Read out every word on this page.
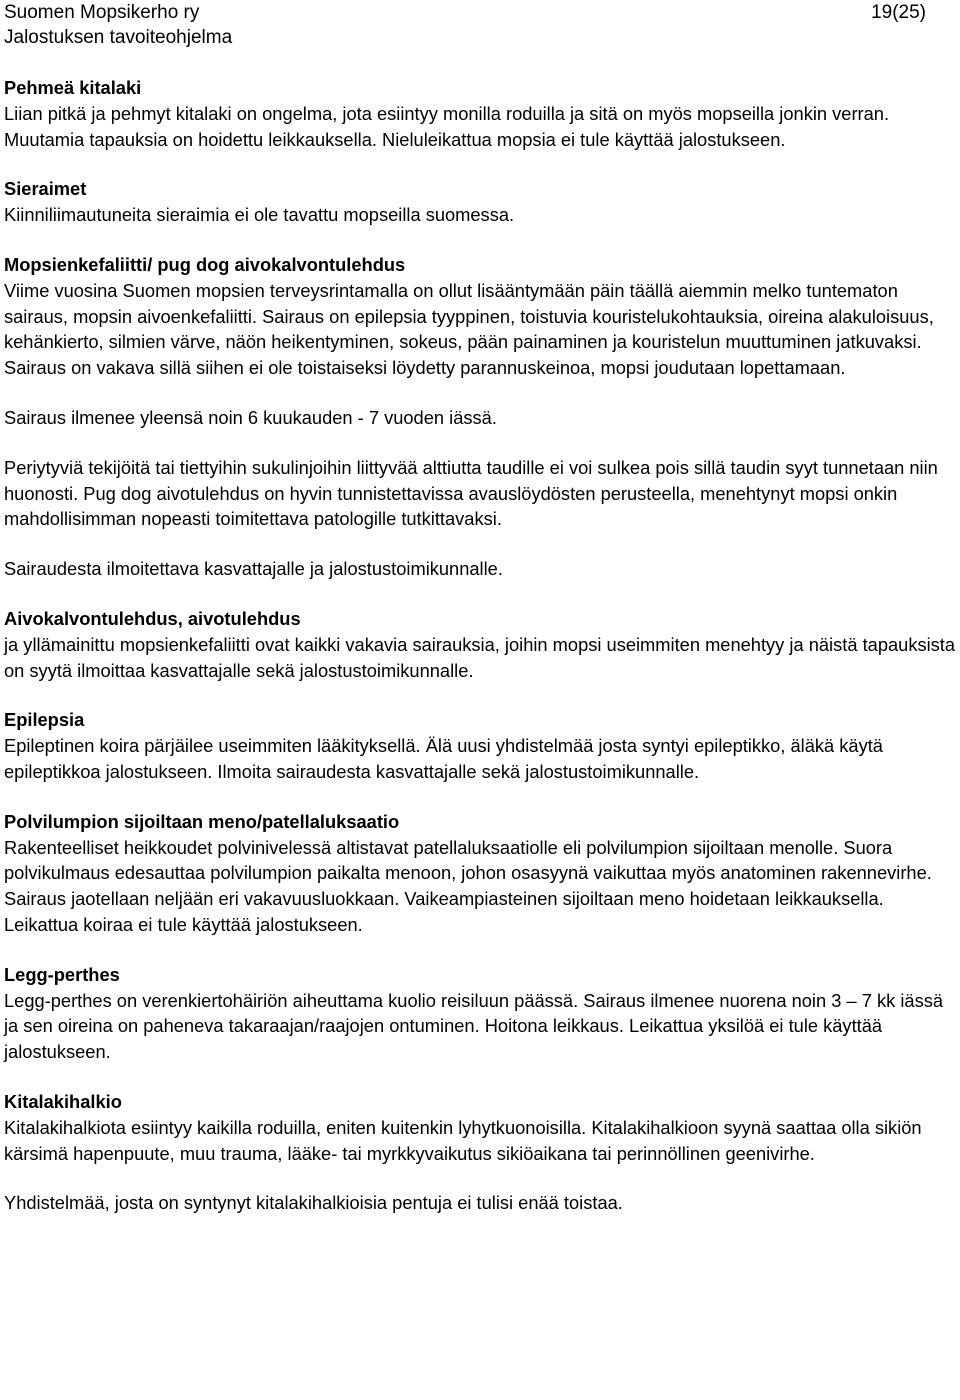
Suomen Mopsikerho ry
Jalostuksen tavoiteohjelma
19(25)
Pehmeä kitalaki
Liian pitkä ja pehmyt kitalaki on ongelma, jota esiintyy monilla roduilla ja sitä on myös mopseilla jonkin verran. Muutamia tapauksia on hoidettu leikkauksella. Nieluleikattua mopsia ei tule käyttää jalostukseen.
Sieraimet
Kiinniliimautuneita sieraimia ei ole tavattu mopseilla suomessa.
Mopsienkefaliitti/ pug dog aivokalvontulehdus

Viime vuosina Suomen mopsien terveysrintamalla on ollut lisääntymään päin täällä aiemmin melko tuntematon sairaus, mopsin aivoenkefaliitti. Sairaus on epilepsia tyyppinen, toistuvia kouristelukohtauksia, oireina alakuloisuus, kehänkierto, silmien värve, näön heikentyminen, sokeus, pään painaminen ja kouristelun muuttuminen jatkuvaksi. Sairaus on vakava sillä siihen ei ole toistaiseksi löydetty parannuskeinoa, mopsi joudutaan lopettamaan.

Sairaus ilmenee yleensä noin 6 kuukauden - 7 vuoden iässä.

Periytyviä tekijöitä tai tiettyihin sukulinjoihin liittyvää alttiutta taudille ei voi sulkea pois sillä taudin syyt tunnetaan niin huonosti. Pug dog aivotulehdus on hyvin tunnistettavissa avauslöydösten perusteella, menehtynyt mopsi onkin mahdollisimman nopeasti toimitettava patologille tutkittavaksi.

Sairaudesta ilmoitettava kasvattajalle ja jalostustoimikunnalle.

Aivokalvontulehdus, aivotulehdus
ja yllämainittu mopsienkefaliitti ovat kaikki vakavia sairauksia, joihin mopsi useimmiten menehtyy ja näistä tapauksista on syytä ilmoittaa kasvattajalle sekä jalostustoimikunnalle.
Epilepsia
Epileptinen koira pärjäilee useimmiten lääkityksellä. Älä uusi yhdistelmää josta syntyi epileptikko, äläkä käytä epileptikkoa jalostukseen. Ilmoita sairaudesta kasvattajalle sekä jalostustoimikunnalle.
Polvilumpion sijoiltaan meno/patellaluksaatio
Rakenteelliset heikkoudet polvinivelessä altistavat patellaluksaatiolle eli polvilumpion sijoiltaan menolle. Suora polvikulmaus edesauttaa polvilumpion paikalta menoon, johon osasyynä vaikuttaa myös anatominen rakennevirhe. Sairaus jaotellaan neljään eri vakavuusluokkaan. Vaikeampiasteinen sijoiltaan meno hoidetaan leikkauksella. Leikattua koiraa ei tule käyttää jalostukseen.
Legg-perthes
Legg-perthes on verenkiertohäiriön aiheuttama kuolio reisiluun päässä. Sairaus ilmenee nuorena noin 3 – 7 kk iässä ja sen oireina on paheneva takaraajan/raajojen ontuminen. Hoitona leikkaus. Leikattua yksilöä ei tule käyttää jalostukseen.
Kitalakihalkio

Kitalakihalkiota esiintyy kaikilla roduilla, eniten kuitenkin lyhytkuonoisilla. Kitalakihalkioon syynä saattaa olla sikiön kärsimä hapenpuute, muu trauma, lääke- tai myrkkyvaikutus sikiöaikana tai perinnöllinen geenivirhe.

Yhdistelmää, josta on syntynyt kitalakihalkioisia pentuja ei tulisi enää toistaa.
